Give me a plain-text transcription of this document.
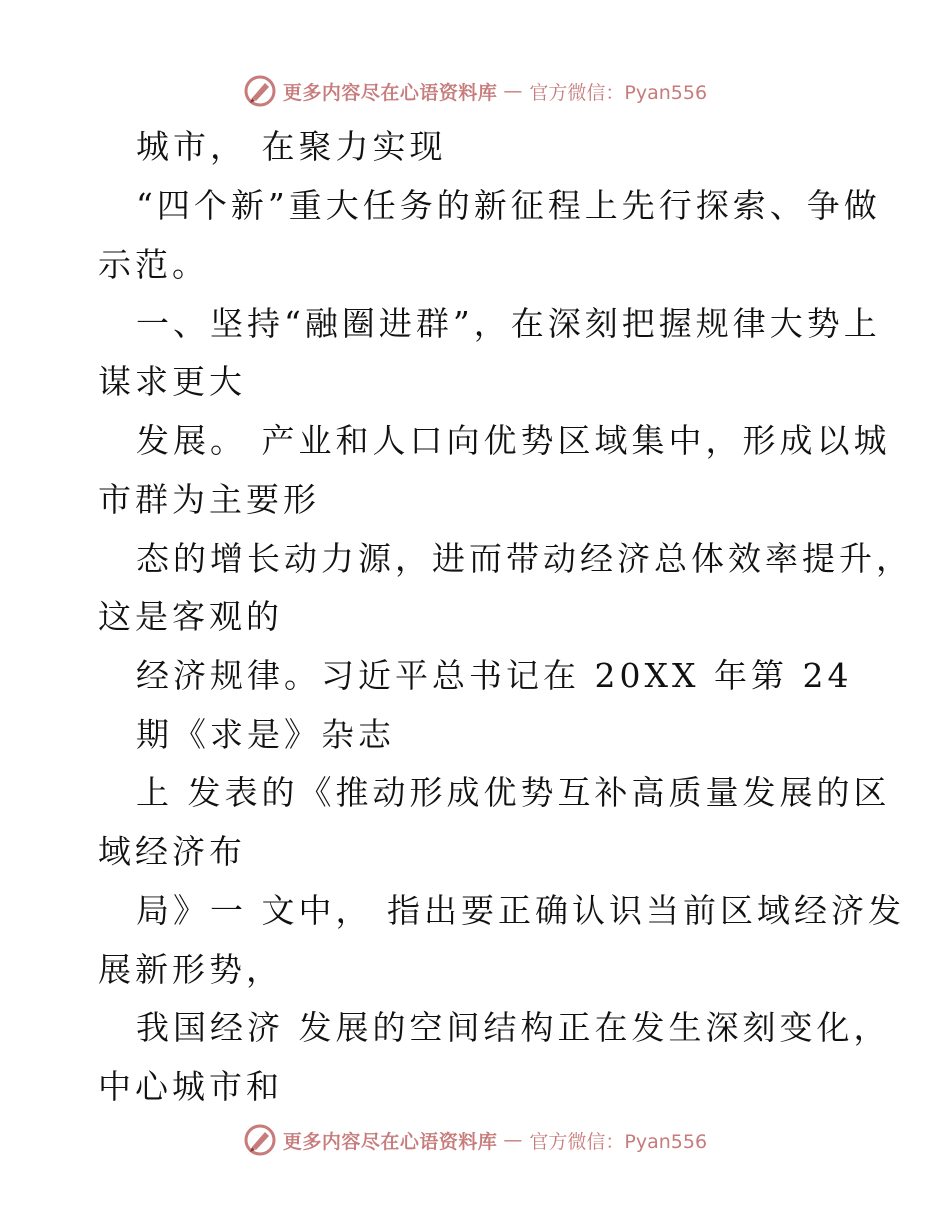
更多内容尽在心语资料库 — 官方微信：Pyan556
城市， 在聚力实现
“四个新”重大任务的新征程上先行探索、争做
示范。
一、坚持“融圈进群”，在深刻把握规律大势上
谋求更大
发展。 产业和人口向优势区域集中，形成以城
市群为主要形
态的增长动力源，进而带动经济总体效率提升，
这是客观的
经济规律。习近平总书记在 20XX 年第 24
期《求是》杂志
上 发表的《推动形成优势互补高质量发展的区
域经济布
局》一 文中， 指出要正确认识当前区域经济发
展新形势，
我国经济 发展的空间结构正在发生深刻变化，
中心城市和
更多内容尽在心语资料库 — 官方微信：Pyan556
